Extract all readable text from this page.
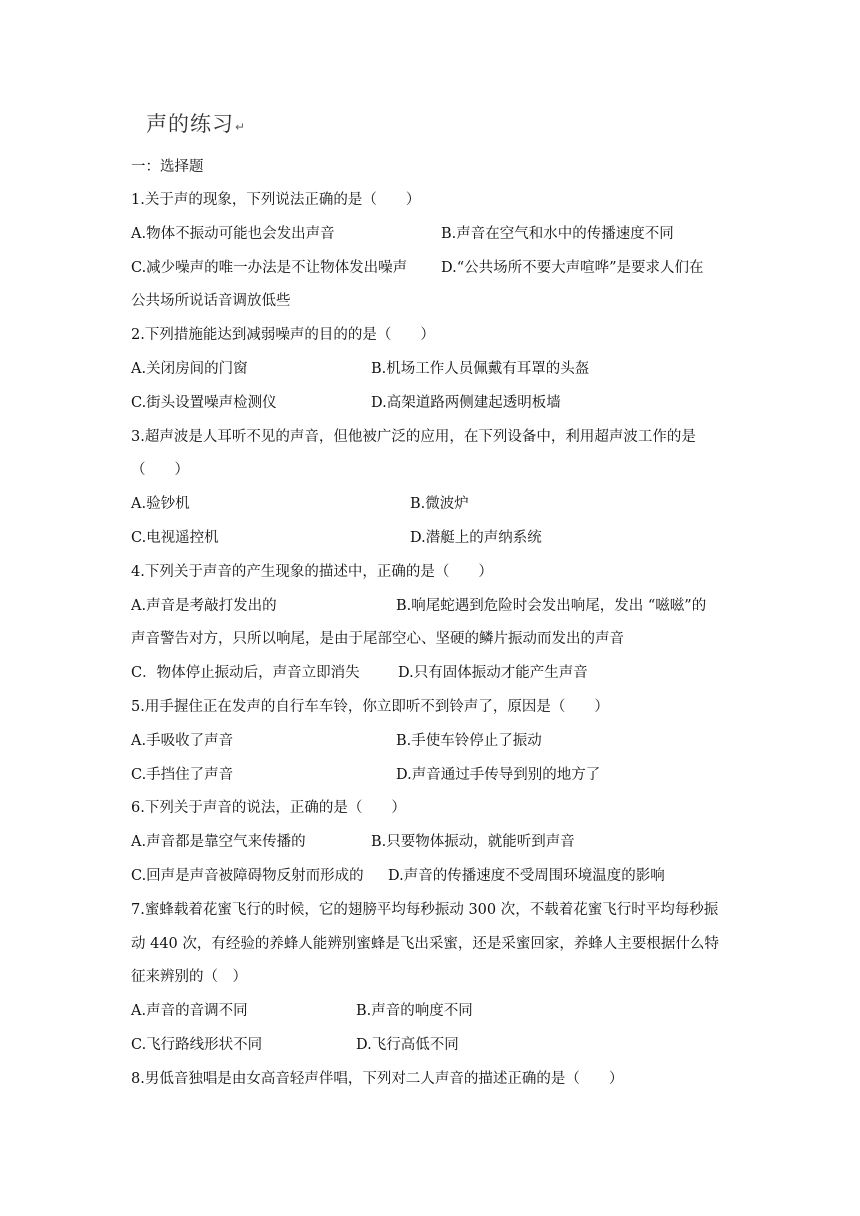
声的练习↵
一：选择题
1.关于声的现象，下列说法正确的是（　　）
A.物体不振动可能也会发出声音	B.声音在空气和水中的传播速度不同
C.减少噪声的唯一办法是不让物体发出噪声 D.“公共场所不要大声喧哗”是要求人们在
公共场所说话音调放低些
2.下列措施能达到减弱噪声的目的的是（　　）
A.关闭房间的门窗	B.机场工作人员佩戴有耳罩的头盔
C.街头设置噪声检测仪	D.高架道路两侧建起透明板墙
3.超声波是人耳听不见的声音，但他被广泛的应用，在下列设备中，利用超声波工作的是
（　　）
A.验钞机	B.微波炉
C.电视遥控机	D.潜艇上的声纳系统
4.下列关于声音的产生现象的描述中，正确的是（　　）
A.声音是考敲打发出的	B.响尾蛇遇到危险时会发出响尾，发出 “嗞嗞”的
声音警告对方，只所以响尾，是由于尾部空心、坚硬的鳞片振动而发出的声音
C．物体停止振动后，声音立即消失	D.只有固体振动才能产生声音
5.用手握住正在发声的自行车车铃，你立即听不到铃声了，原因是（　　）
A.手吸收了声音	B.手使车铃停止了振动
C.手挡住了声音	D.声音通过手传导到别的地方了
6.下列关于声音的说法，正确的是（　　）
A.声音都是靠空气来传播的	B.只要物体振动，就能听到声音
C.回声是声音被障碍物反射而形成的 D.声音的传播速度不受周围环境温度的影响
7.蜜蜂载着花蜜飞行的时候，它的翅膀平均每秒振动 300 次，不载着花蜜飞行时平均每秒振
动 440 次，有经验的养蜂人能辨别蜜蜂是飞出采蜜，还是采蜜回家，养蜂人主要根据什么特
征来辨别的（　）
A.声音的音调不同	B.声音的响度不同
C.飞行路线形状不同	D.飞行高低不同
8.男低音独唱是由女高音轻声伴唱，下列对二人声音的描述正确的是（　　）
